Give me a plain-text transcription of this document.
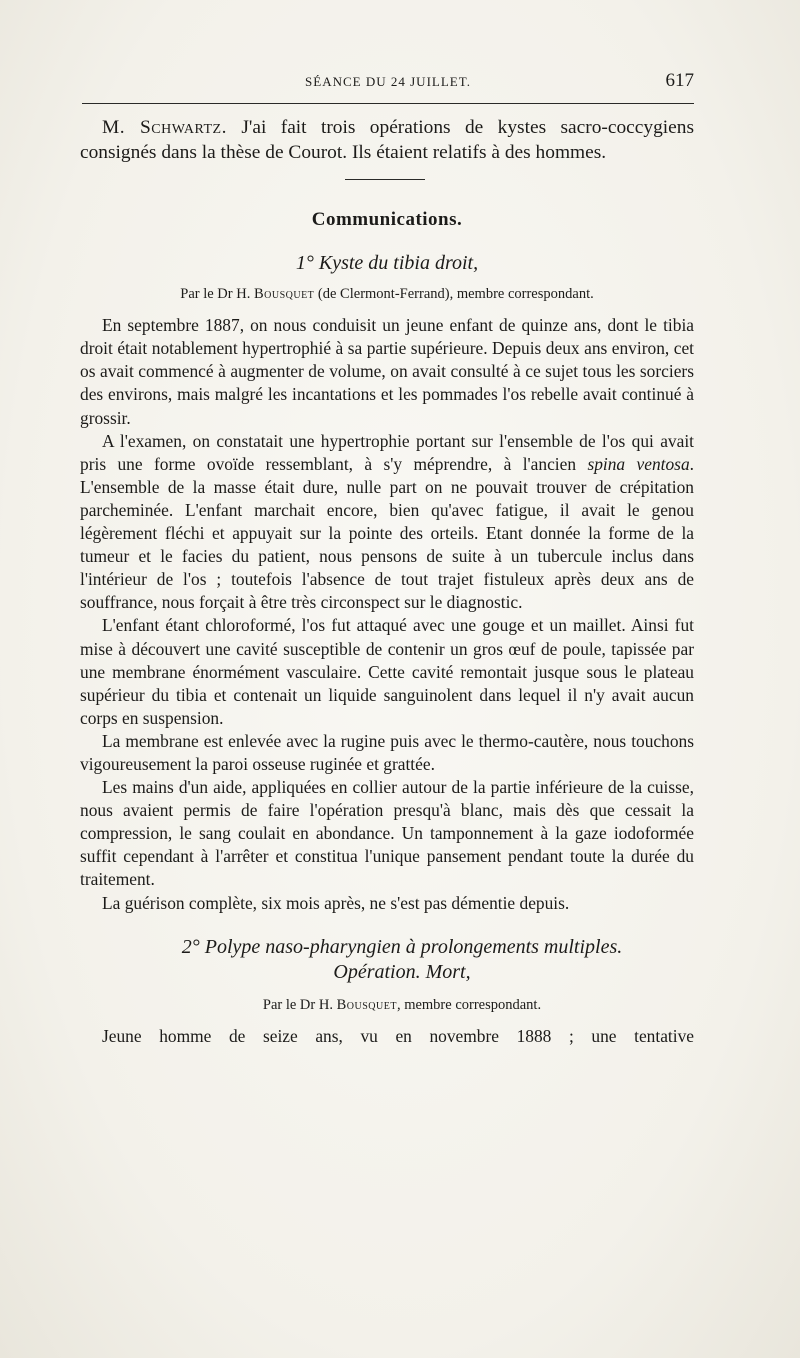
SÉANCE DU 24 JUILLET.	617

M. Schwartz. J'ai fait trois opérations de kystes sacro-coccygiens consignés dans la thèse de Courot. Ils étaient relatifs à des hommes.

Communications.
1° Kyste du tibia droit,
Par le Dr H. Bousquet (de Clermont-Ferrand), membre correspondant.

En septembre 1887, on nous conduisit un jeune enfant de quinze ans, dont le tibia droit était notablement hypertrophié à sa partie supérieure. Depuis deux ans environ, cet os avait commencé à augmenter de volume, on avait consulté à ce sujet tous les sorciers des environs, mais malgré les incantations et les pommades l'os rebelle avait continué à grossir.

A l'examen, on constatait une hypertrophie portant sur l'ensemble de l'os qui avait pris une forme ovoïde ressemblant, à s'y méprendre, à l'ancien spina ventosa. L'ensemble de la masse était dure, nulle part on ne pouvait trouver de crépitation parcheminée. L'enfant marchait encore, bien qu'avec fatigue, il avait le genou légèrement fléchi et appuyait sur la pointe des orteils. Etant donnée la forme de la tumeur et le facies du patient, nous pensons de suite à un tubercule inclus dans l'intérieur de l'os ; toutefois l'absence de tout trajet fistuleux après deux ans de souffrance, nous forçait à être très circonspect sur le diagnostic.

L'enfant étant chloroformé, l'os fut attaqué avec une gouge et un maillet. Ainsi fut mise à découvert une cavité susceptible de contenir un gros œuf de poule, tapissée par une membrane énormément vasculaire. Cette cavité remontait jusque sous le plateau supérieur du tibia et contenait un liquide sanguinolent dans lequel il n'y avait aucun corps en suspension.

La membrane est enlevée avec la rugine puis avec le thermo-cautère, nous touchons vigoureusement la paroi osseuse ruginée et grattée.

Les mains d'un aide, appliquées en collier autour de la partie inférieure de la cuisse, nous avaient permis de faire l'opération presqu'à blanc, mais dès que cessait la compression, le sang coulait en abondance. Un tamponnement à la gaze iodoformée suffit cependant à l'arrêter et constitua l'unique pansement pendant toute la durée du traitement.

La guérison complète, six mois après, ne s'est pas démentie depuis.

2° Polype naso-pharyngien à prolongements multiples.
Opération. Mort,
Par le Dr H. Bousquet, membre correspondant.

Jeune homme de seize ans, vu en novembre 1888 ; une tentative
